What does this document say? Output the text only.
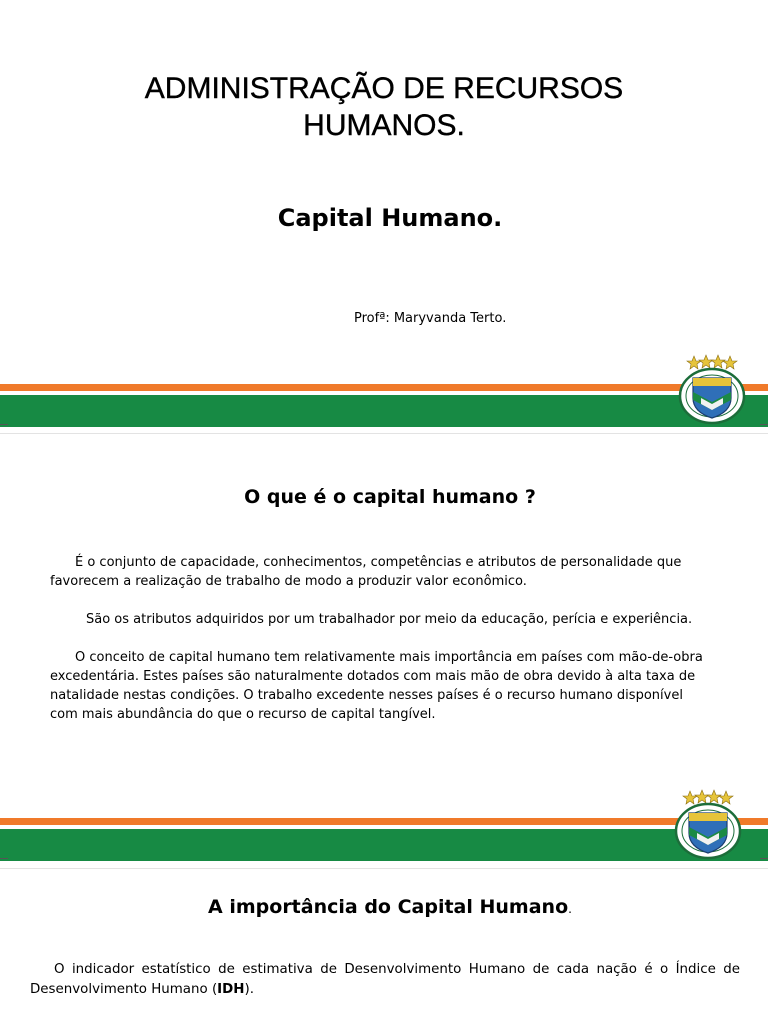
ADMINISTRAÇÃO DE RECURSOS
HUMANOS.
Capital Humano.
Profª: Maryvanda Terto.
O que é o capital humano ?

É o conjunto de capacidade, conhecimentos, competências e atributos de personalidade que favorecem a realização de trabalho de modo a produzir valor econômico.

São os atributos adquiridos por um trabalhador por meio da educação, perícia e experiência.

O conceito de capital humano tem relativamente mais importância em países com mão-de-obra excedentária. Estes países são naturalmente dotados com mais mão de obra devido à alta taxa de natalidade nestas condições. O trabalho excedente nesses países é o recurso humano disponível com mais abundância do que o recurso de capital tangível.

A importância do Capital Humano.
O indicador estatístico de estimativa de Desenvolvimento Humano de cada nação é o Índice de Desenvolvimento Humano (IDH).
